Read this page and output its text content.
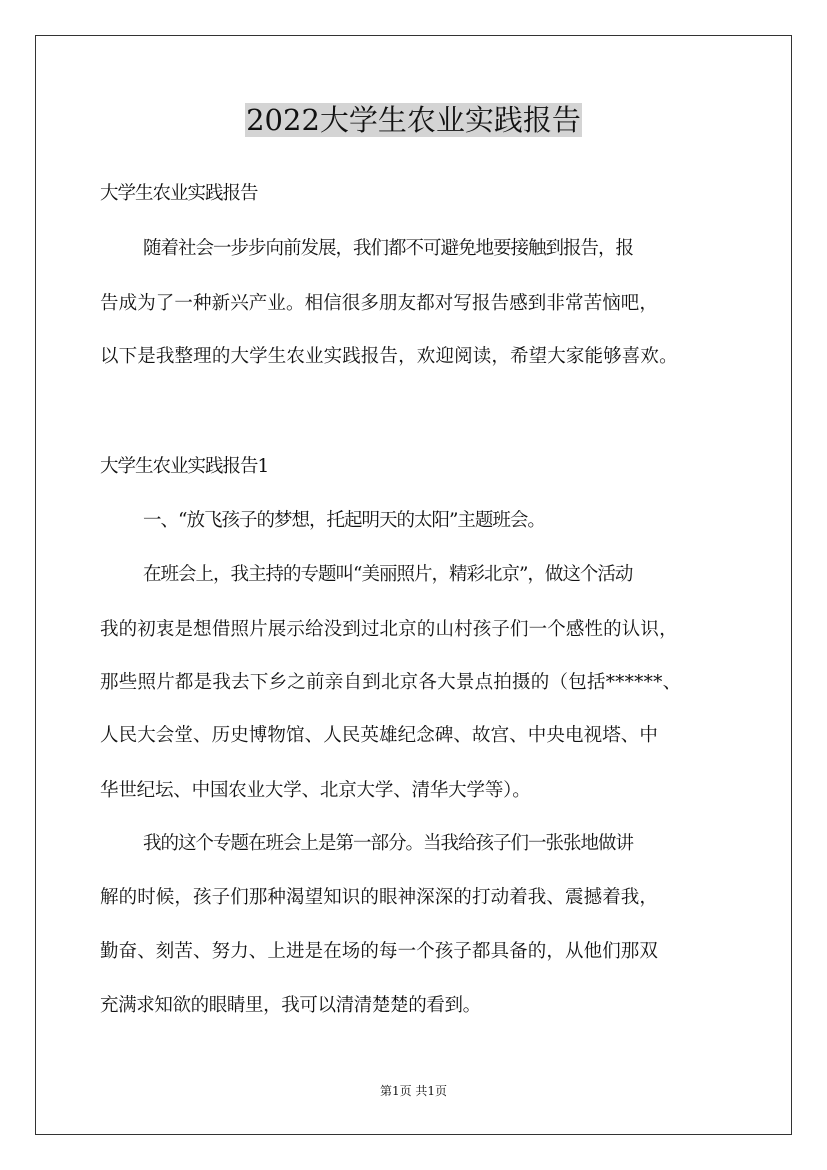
2022大学生农业实践报告
大学生农业实践报告
随着社会一步步向前发展，我们都不可避免地要接触到报告，报
告成为了一种新兴产业。相信很多朋友都对写报告感到非常苦恼吧，
以下是我整理的大学生农业实践报告，欢迎阅读，希望大家能够喜欢。
大学生农业实践报告1
一、“放飞孩子的梦想，托起明天的太阳”主题班会。
在班会上，我主持的专题叫“美丽照片，精彩北京”，做这个活动
我的初衷是想借照片展示给没到过北京的山村孩子们一个感性的认识，
那些照片都是我去下乡之前亲自到北京各大景点拍摄的（包括******、
人民大会堂、历史博物馆、人民英雄纪念碑、故宫、中央电视塔、中
华世纪坛、中国农业大学、北京大学、清华大学等）。
我的这个专题在班会上是第一部分。当我给孩子们一张张地做讲
解的时候，孩子们那种渴望知识的眼神深深的打动着我、震撼着我，
勤奋、刻苦、努力、上进是在场的每一个孩子都具备的，从他们那双
充满求知欲的眼睛里，我可以清清楚楚的看到。
第1页 共1页
